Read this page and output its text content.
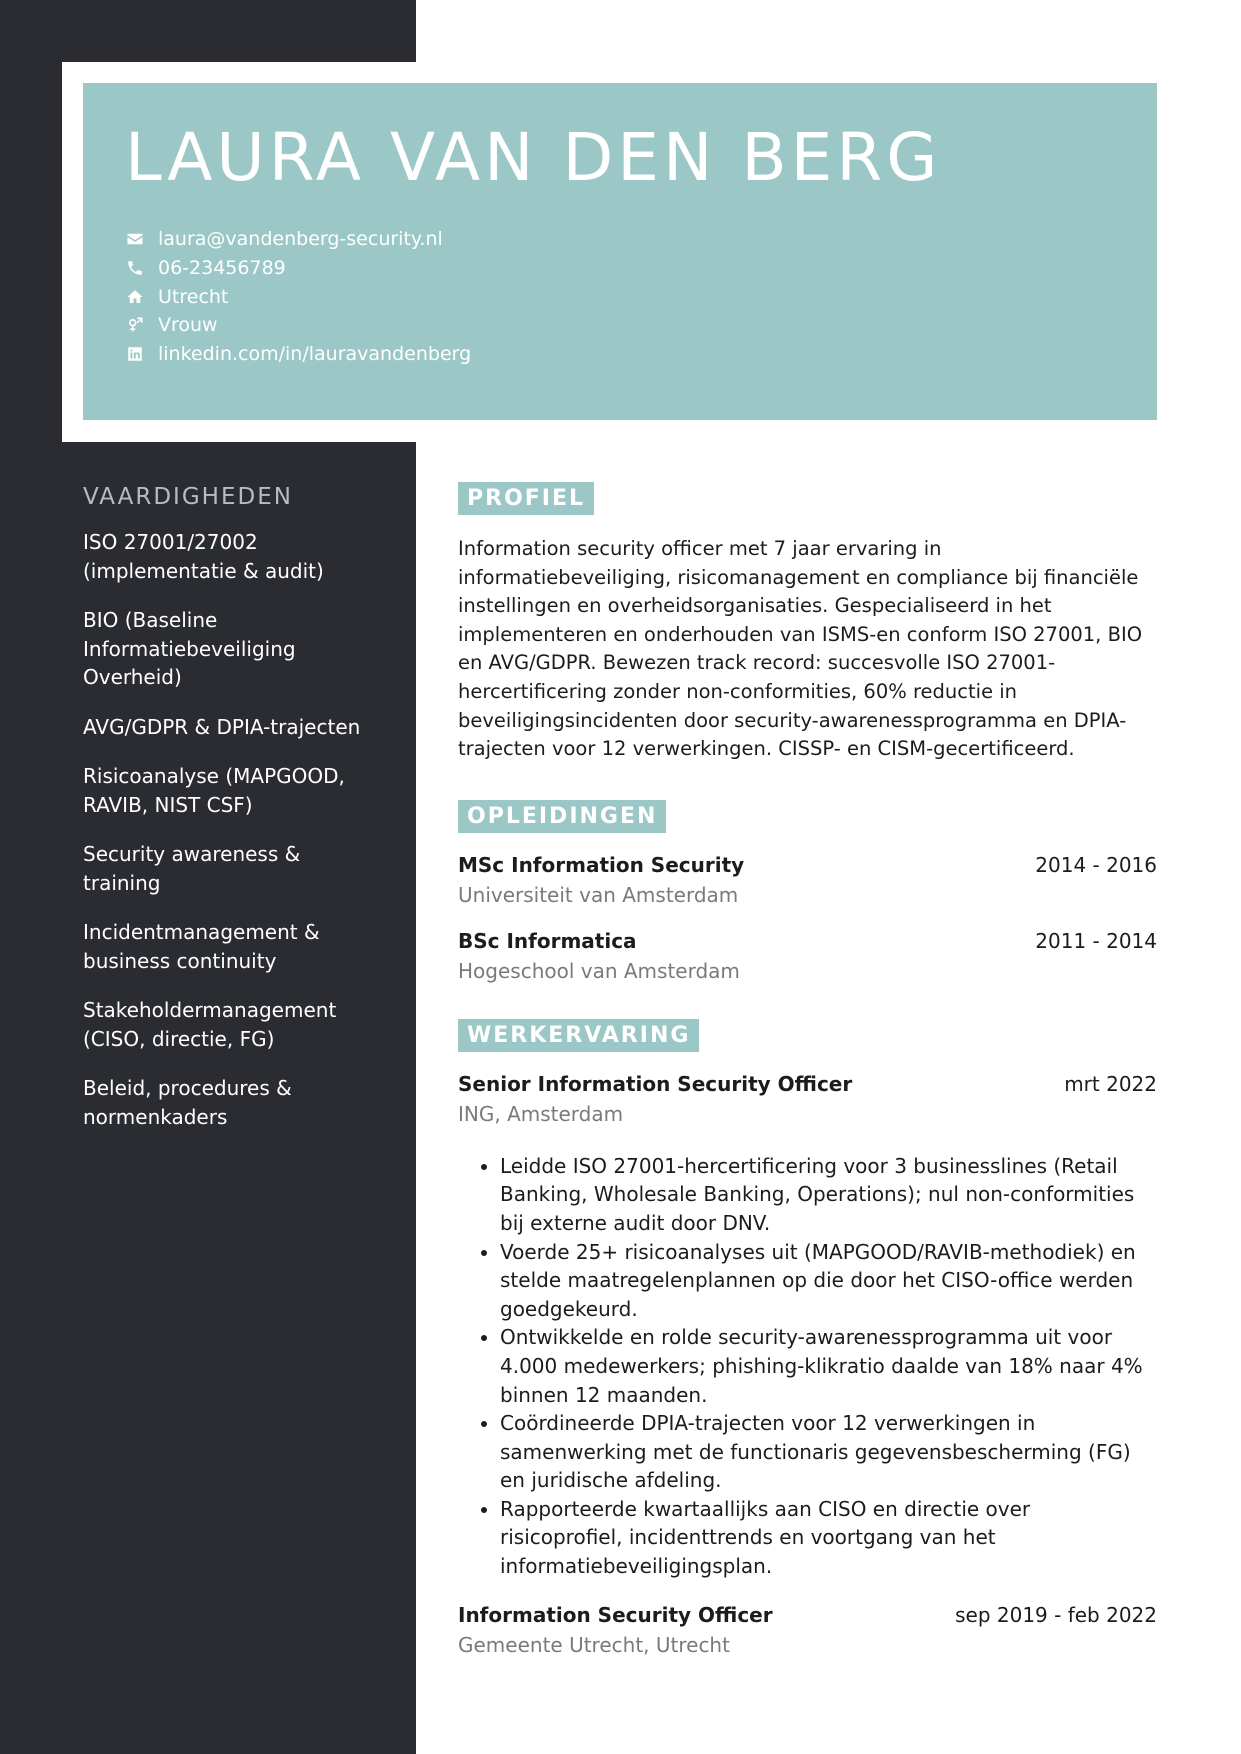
LAURA VAN DEN BERG
laura@vandenberg-security.nl
06-23456789
Utrecht
Vrouw
linkedin.com/in/lauravandenberg
VAARDIGHEDEN
ISO 27001/27002 (implementatie & audit)
BIO (Baseline Informatiebeveiliging Overheid)
AVG/GDPR & DPIA-trajecten
Risicoanalyse (MAPGOOD, RAVIB, NIST CSF)
Security awareness & training
Incidentmanagement & business continuity
Stakeholdermanagement (CISO, directie, FG)
Beleid, procedures & normenkaders
PROFIEL

Information security officer met 7 jaar ervaring in informatiebeveiliging, risicomanagement en compliance bij financiële instellingen en overheidsorganisaties. Gespecialiseerd in het implementeren en onderhouden van ISMS-en conform ISO 27001, BIO en AVG/GDPR. Bewezen track record: succesvolle ISO 27001-hercertificering zonder non-conformities, 60% reductie in beveiligingsincidenten door security-awarenessprogramma en DPIA-trajecten voor 12 verwerkingen. CISSP- en CISM-gecertificeerd.

OPLEIDINGEN
MSc Information Security	2014 - 2016
Universiteit van Amsterdam
BSc Informatica	2011 - 2014
Hogeschool van Amsterdam
WERKERVARING
Senior Information Security Officer	mrt 2022
ING, Amsterdam
• Leidde ISO 27001-hercertificering voor 3 businesslines (Retail Banking, Wholesale Banking, Operations); nul non-conformities bij externe audit door DNV.
• Voerde 25+ risicoanalyses uit (MAPGOOD/RAVIB-methodiek) en stelde maatregelenplannen op die door het CISO-office werden goedgekeurd.
• Ontwikkelde en rolde security-awarenessprogramma uit voor 4.000 medewerkers; phishing-klikratio daalde van 18% naar 4% binnen 12 maanden.
• Coördineerde DPIA-trajecten voor 12 verwerkingen in samenwerking met de functionaris gegevensbescherming (FG) en juridische afdeling.
• Rapporteerde kwartaallijks aan CISO en directie over risicoprofiel, incidenttrends en voortgang van het informatiebeveiligingsplan.
Information Security Officer	sep 2019 - feb 2022
Gemeente Utrecht, Utrecht
